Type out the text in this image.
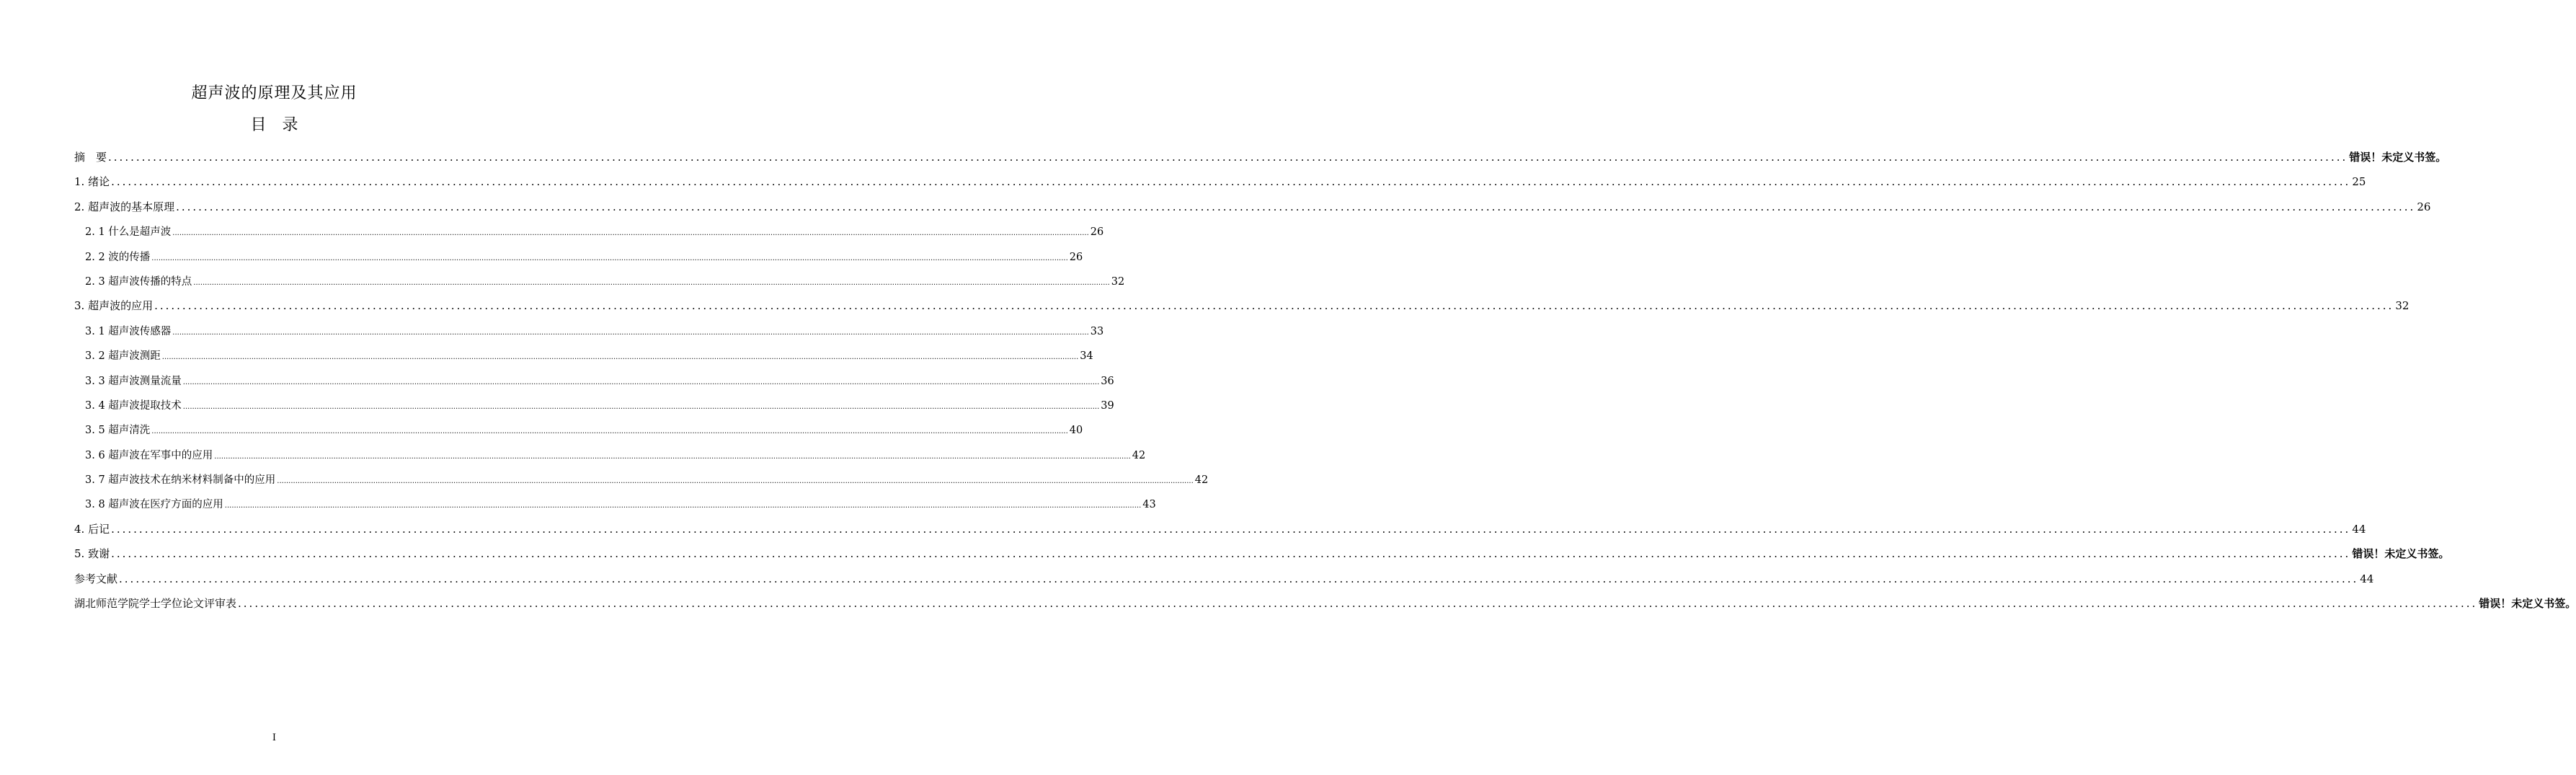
超声波的原理及其应用
目　录
摘　要 ................................................................................................................................................................................................................................................................................................................................................................................................................ 错误！未定义书签。
1. 绪论 ................................................................................................................................................................................................................................................................................................................................................................................................................ 25
2. 超声波的基本原理 ................................................................................................................................................................................................................................................................................................................................................................................................................ 26
2. 1 什么是超声波 ................................................................................................................................................................................................................................................................................................................................................................................................................ 26
2. 2 波的传播 ................................................................................................................................................................................................................................................................................................................................................................................................................ 26
2. 3 超声波传播的特点 ................................................................................................................................................................................................................................................................................................................................................................................................................ 32
3. 超声波的应用 ................................................................................................................................................................................................................................................................................................................................................................................................................ 32
3. 1 超声波传感器 ................................................................................................................................................................................................................................................................................................................................................................................................................ 33
3. 2 超声波测距 ................................................................................................................................................................................................................................................................................................................................................................................................................ 34
3. 3 超声波测量流量 ................................................................................................................................................................................................................................................................................................................................................................................................................ 36
3. 4 超声波提取技术 ................................................................................................................................................................................................................................................................................................................................................................................................................ 39
3. 5 超声清洗 ................................................................................................................................................................................................................................................................................................................................................................................................................ 40
3. 6 超声波在军事中的应用 ................................................................................................................................................................................................................................................................................................................................................................................................................ 42
3. 7 超声波技术在纳米材料制备中的应用 ................................................................................................................................................................................................................................................................................................................................................................................................................ 42
3. 8 超声波在医疗方面的应用 ................................................................................................................................................................................................................................................................................................................................................................................................................ 43
4. 后记 ................................................................................................................................................................................................................................................................................................................................................................................................................ 44
5. 致谢 ................................................................................................................................................................................................................................................................................................................................................................................................................ 错误！未定义书签。
参考文献 ................................................................................................................................................................................................................................................................................................................................................................................................................ 44
湖北师范学院学士学位论文评审表 ................................................................................................................................................................................................................................................................................................................................................................................................................ 错误！未定义书签。
I
